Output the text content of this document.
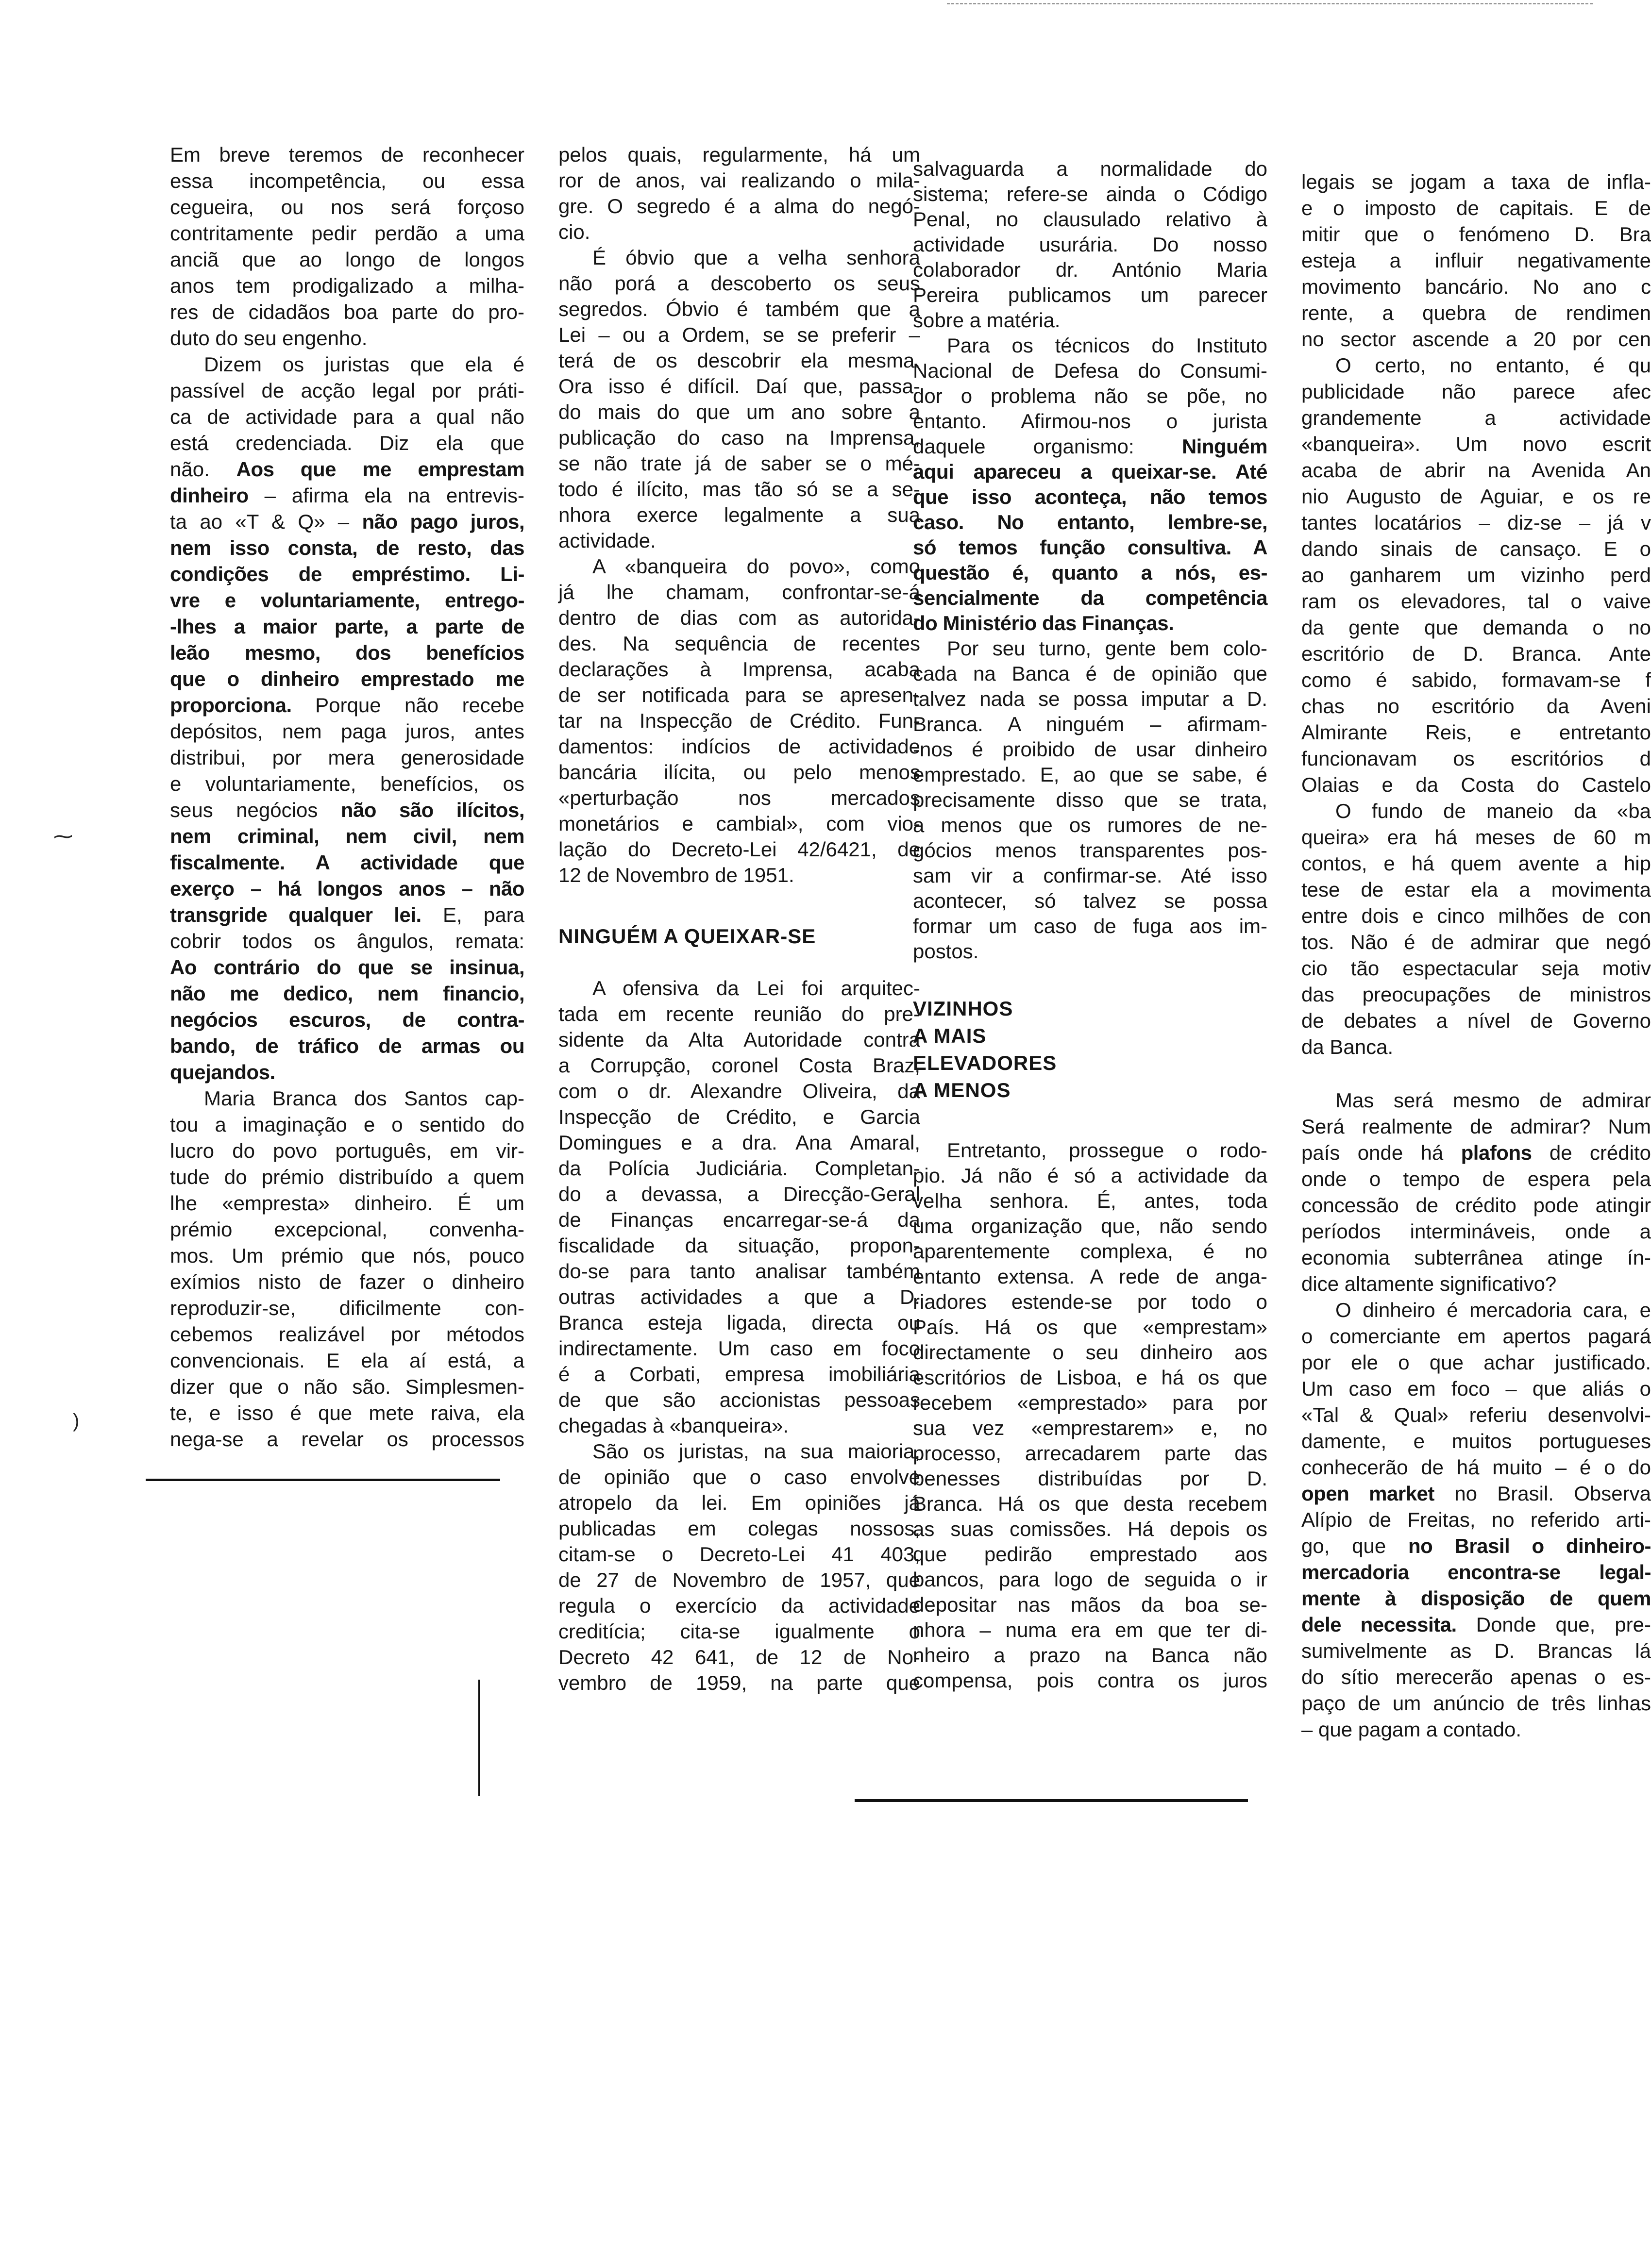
⁓
)
Em breve teremos de reconhecer
essa incompetência, ou essa
cegueira, ou nos será forçoso
contritamente pedir perdão a uma
anciã que ao longo de longos
anos tem prodigalizado a milha-
res de cidadãos boa parte do pro-
duto do seu engenho.
Dizem os juristas que ela é
passível de acção legal por práti-
ca de actividade para a qual não
está credenciada. Diz ela que
não. Aos que me emprestam
dinheiro – afirma ela na entrevis-
ta ao «T & Q» – não pago juros,
nem isso consta, de resto, das
condições de empréstimo. Li-
vre e voluntariamente, entrego-
-lhes a maior parte, a parte de
leão mesmo, dos benefícios
que o dinheiro emprestado me
proporciona. Porque não recebe
depósitos, nem paga juros, antes
distribui, por mera generosidade
e voluntariamente, benefícios, os
seus negócios não são ilícitos,
nem criminal, nem civil, nem
fiscalmente. A actividade que
exerço – há longos anos – não
transgride qualquer lei. E, para
cobrir todos os ângulos, remata:
Ao contrário do que se insinua,
não me dedico, nem financio,
negócios escuros, de contra-
bando, de tráfico de armas ou
quejandos.
Maria Branca dos Santos cap-
tou a imaginação e o sentido do
lucro do povo português, em vir-
tude do prémio distribuído a quem
lhe «empresta» dinheiro. É um
prémio excepcional, convenha-
mos. Um prémio que nós, pouco
exímios nisto de fazer o dinheiro
reproduzir-se, dificilmente con-
cebemos realizável por métodos
convencionais. E ela aí está, a
dizer que o não são. Simplesmen-
te, e isso é que mete raiva, ela
nega-se a revelar os processos
pelos quais, regularmente, há um
ror de anos, vai realizando o mila-
gre. O segredo é a alma do negó-
cio.
É óbvio que a velha senhora
não porá a descoberto os seus
segredos. Óbvio é também que a
Lei – ou a Ordem, se se preferir –
terá de os descobrir ela mesma.
Ora isso é difícil. Daí que, passa-
do mais do que um ano sobre a
publicação do caso na Imprensa,
se não trate já de saber se o mé-
todo é ilícito, mas tão só se a se-
nhora exerce legalmente a sua
actividade.
A «banqueira do povo», como
já lhe chamam, confrontar-se-á
dentro de dias com as autorida-
des. Na sequência de recentes
declarações à Imprensa, acaba
de ser notificada para se apresen-
tar na Inspecção de Crédito. Fun-
damentos: indícios de actividade
bancária ilícita, ou pelo menos
«perturbação nos mercados
monetários e cambial», com vio-
lação do Decreto-Lei 42/6421, de
12 de Novembro de 1951.
NINGUÉM A QUEIXAR-SE
A ofensiva da Lei foi arquitec-
tada em recente reunião do pre-
sidente da Alta Autoridade contra
a Corrupção, coronel Costa Braz,
com o dr. Alexandre Oliveira, da
Inspecção de Crédito, e Garcia
Domingues e a dra. Ana Amaral,
da Polícia Judiciária. Completan-
do a devassa, a Direcção-Geral
de Finanças encarregar-se-á da
fiscalidade da situação, propon-
do-se para tanto analisar também
outras actividades a que a D.
Branca esteja ligada, directa ou
indirectamente. Um caso em foco
é a Corbati, empresa imobiliária
de que são accionistas pessoas
chegadas à «banqueira».
São os juristas, na sua maioria,
de opinião que o caso envolve
atropelo da lei. Em opiniões já
publicadas em colegas nossos,
citam-se o Decreto-Lei 41 403,
de 27 de Novembro de 1957, que
regula o exercício da actividade
creditícia; cita-se igualmente o
Decreto 42 641, de 12 de No-
vembro de 1959, na parte que
salvaguarda a normalidade do
sistema; refere-se ainda o Código
Penal, no clausulado relativo à
actividade usurária. Do nosso
colaborador dr. António Maria
Pereira publicamos um parecer
sobre a matéria.
Para os técnicos do Instituto
Nacional de Defesa do Consumi-
dor o problema não se põe, no
entanto. Afirmou-nos o jurista
daquele organismo: Ninguém
aqui apareceu a queixar-se. Até
que isso aconteça, não temos
caso. No entanto, lembre-se,
só temos função consultiva. A
questão é, quanto a nós, es-
sencialmente da competência
do Ministério das Finanças.
Por seu turno, gente bem colo-
cada na Banca é de opinião que
talvez nada se possa imputar a D.
Branca. A ninguém – afirmam-
-nos é proibido de usar dinheiro
emprestado. E, ao que se sabe, é
precisamente disso que se trata,
a menos que os rumores de ne-
gócios menos transparentes pos-
sam vir a confirmar-se. Até isso
acontecer, só talvez se possa
formar um caso de fuga aos im-
postos.
VIZINHOS
A MAIS
ELEVADORES
A MENOS
Entretanto, prossegue o rodo-
pio. Já não é só a actividade da
velha senhora. É, antes, toda
uma organização que, não sendo
aparentemente complexa, é no
entanto extensa. A rede de anga-
riadores estende-se por todo o
País. Há os que «emprestam»
directamente o seu dinheiro aos
escritórios de Lisboa, e há os que
recebem «emprestado» para por
sua vez «emprestarem» e, no
processo, arrecadarem parte das
benesses distribuídas por D.
Branca. Há os que desta recebem
as suas comissões. Há depois os
que pedirão emprestado aos
bancos, para logo de seguida o ir
depositar nas mãos da boa se-
nhora – numa era em que ter di-
nheiro a prazo na Banca não
compensa, pois contra os juros
legais se jogam a taxa de infla-
e o imposto de capitais. E de
mitir que o fenómeno D. Bra
esteja a influir negativamente
movimento bancário. No ano c
rente, a quebra de rendimen
no sector ascende a 20 por cen
O certo, no entanto, é qu
publicidade não parece afec
grandemente a actividade
«banqueira». Um novo escrit
acaba de abrir na Avenida An
nio Augusto de Aguiar, e os re
tantes locatários – diz-se – já v
dando sinais de cansaço. E o
ao ganharem um vizinho perd
ram os elevadores, tal o vaive
da gente que demanda o no
escritório de D. Branca. Ante
como é sabido, formavam-se f
chas no escritório da Aveni
Almirante Reis, e entretanto
funcionavam os escritórios d
Olaias e da Costa do Castelo
O fundo de maneio da «ba
queira» era há meses de 60 m
contos, e há quem avente a hip
tese de estar ela a movimenta
entre dois e cinco milhões de con
tos. Não é de admirar que negó
cio tão espectacular seja motiv
das preocupações de ministros
de debates a nível de Governo
da Banca.
Mas será mesmo de admirar
Será realmente de admirar? Num
país onde há plafons de crédito
onde o tempo de espera pela
concessão de crédito pode atingir
períodos intermináveis, onde a
economia subterrânea atinge ín-
dice altamente significativo?
O dinheiro é mercadoria cara, e
o comerciante em apertos pagará
por ele o que achar justificado.
Um caso em foco – que aliás o
«Tal & Qual» referiu desenvolvi-
damente, e muitos portugueses
conhecerão de há muito – é o do
open market no Brasil. Observa
Alípio de Freitas, no referido arti-
go, que no Brasil o dinheiro-
mercadoria encontra-se legal-
mente à disposição de quem
dele necessita. Donde que, pre-
sumivelmente as D. Brancas lá
do sítio merecerão apenas o es-
paço de um anúncio de três linhas
– que pagam a contado.
